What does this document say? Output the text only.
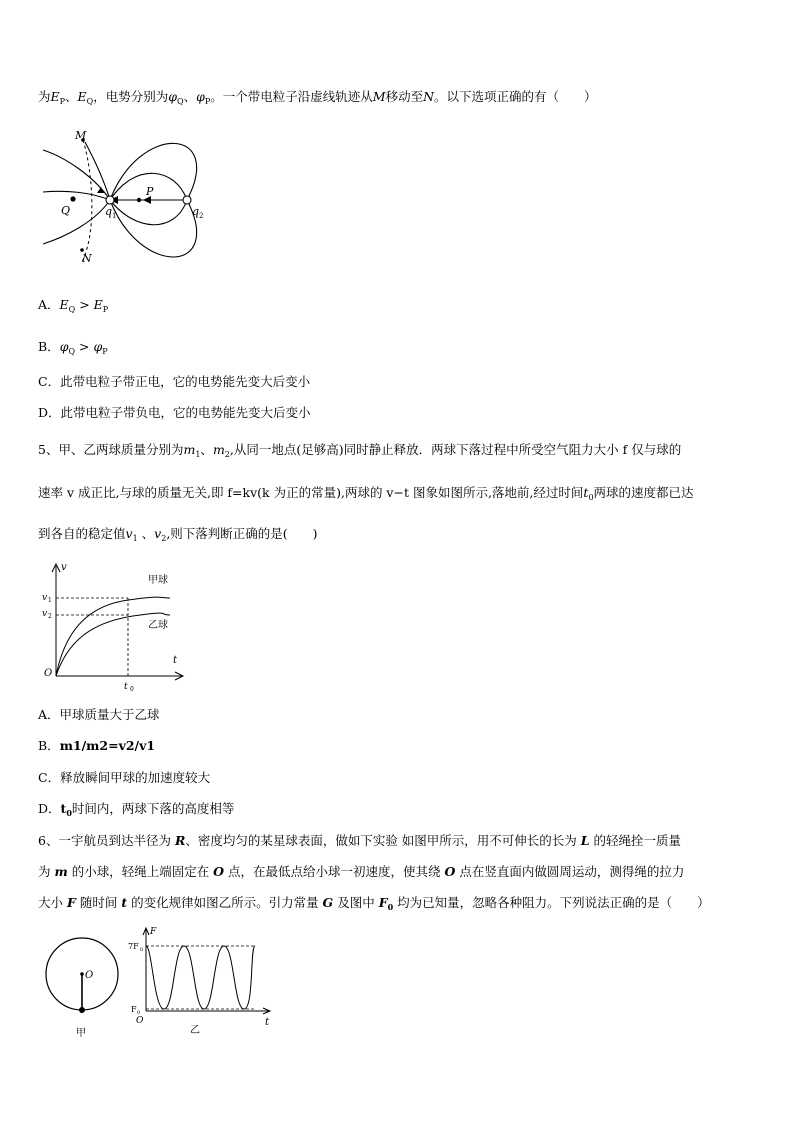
为$E_P$、$E_Q$，电势分别为$\varphi_Q$、$\varphi_P$。一个带电粒子沿虚线轨迹从M移动至N。以下选项正确的有（　　）
M
Q
P
N
q 1	q 2
A．$E_Q > E_P$
B．$\varphi_Q > \varphi_P$
C．此带电粒子带正电，它的电势能先变大后变小
D．此带电粒子带负电，它的电势能先变大后变小
5、甲、乙两球质量分别为$m_1$、$m_2$,从同一地点(足够高)同时静止释放．两球下落过程中所受空气阻力大小 f 仅与球的
速率 v 成正比,与球的质量无关,即 f=kv(k 为正的常量),两球的 v−t 图象如图所示,落地前,经过时间$t_0$两球的速度都已达
到各自的稳定值$v_1$ 、$v_2$,则下落判断正确的是(　　)
v
t
v 1
v 2
O
t 0
甲球
乙球
A．甲球质量大于乙球
B．m1/m2=v2/v1
C．释放瞬间甲球的加速度较大
D．$t_0$时间内，两球下落的高度相等
6、一宇航员到达半径为 R、密度均匀的某星球表面，做如下实验 如图甲所示，用不可伸长的长为 L 的轻绳拴一质量
为 m 的小球，轻绳上端固定在 O 点，在最低点给小球一初速度，使其绕 O 点在竖直面内做圆周运动，测得绳的拉力
大小 F 随时间 t 的变化规律如图乙所示。引力常量 G 及图中 $F_0$ 均为已知量，忽略各种阻力。下列说法正确的是（　　）
O
甲
F
t
7F 0
F 0
O
乙
